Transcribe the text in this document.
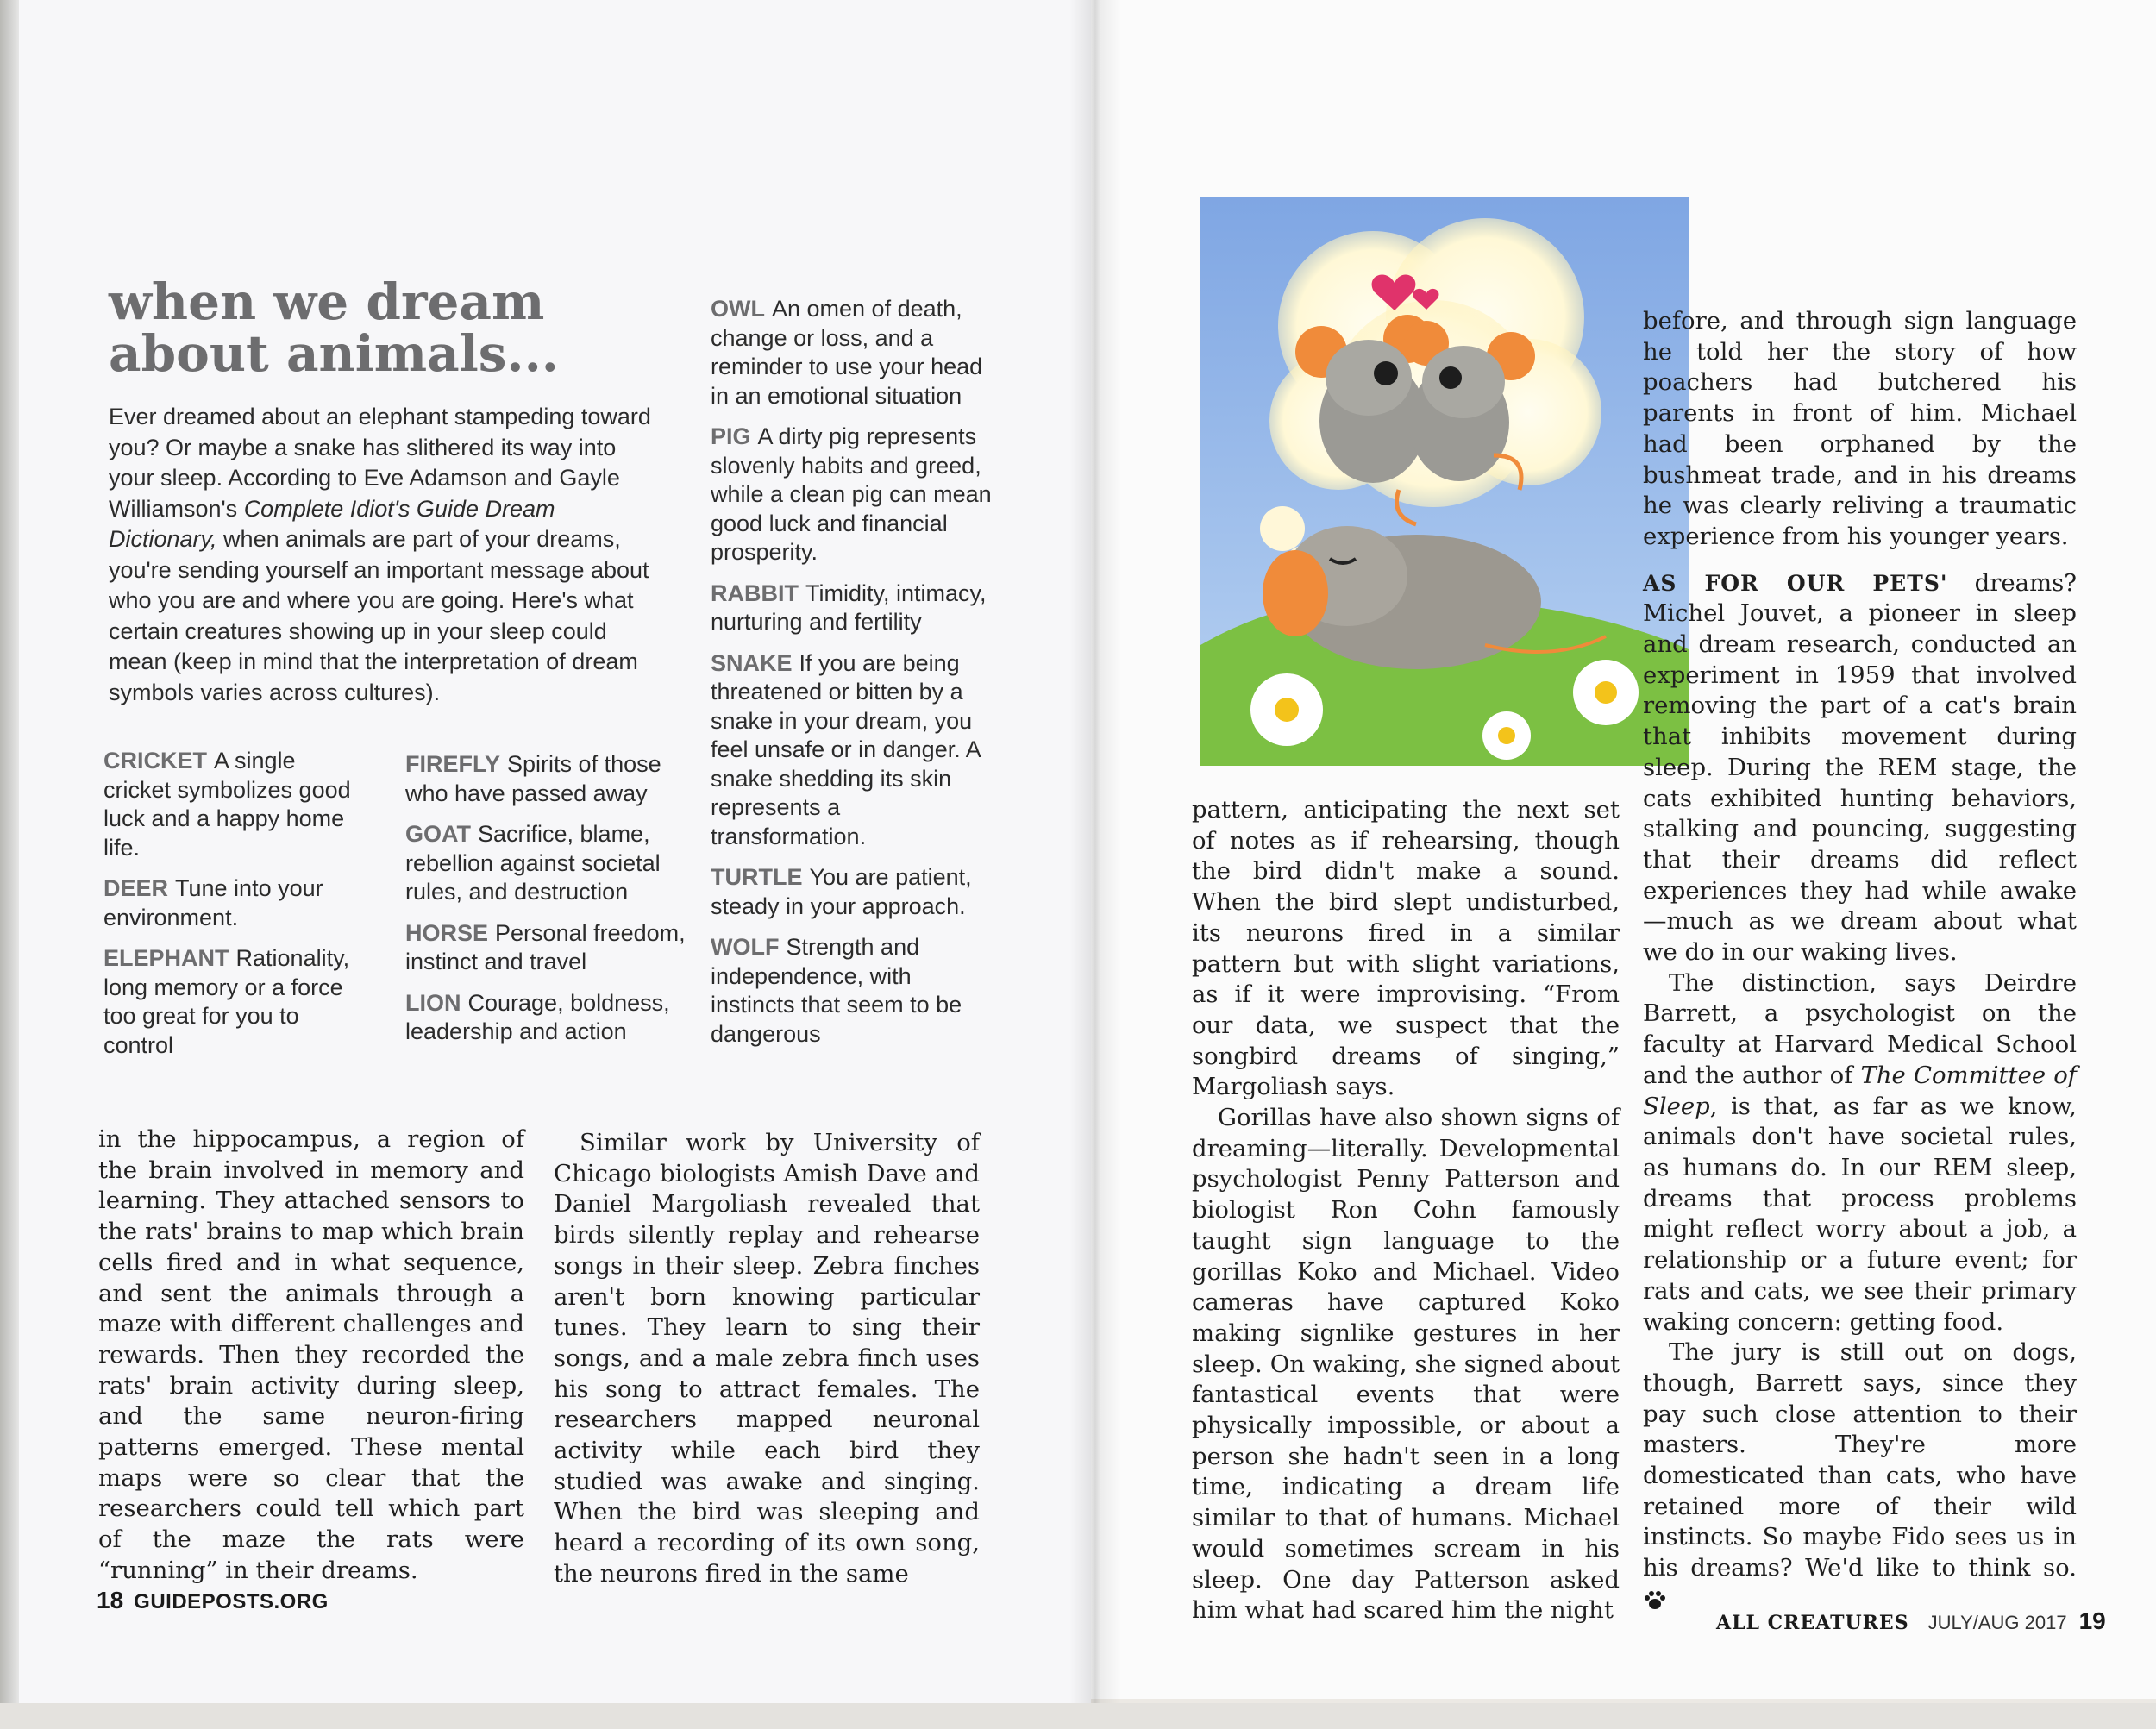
when we dream about animals...

Ever dreamed about an elephant stampeding toward you? Or maybe a snake has slithered its way into your sleep. According to Eve Adamson and Gayle Williamson's Complete Idiot's Guide Dream Dictionary, when animals are part of your dreams, you're sending yourself an important message about who you are and where you are going. Here's what certain creatures showing up in your sleep could mean (keep in mind that the interpretation of dream symbols varies across cultures).

CRICKET A single cricket symbolizes good luck and a happy home life.

DEER Tune into your environment.

ELEPHANT Rationality, long memory or a force too great for you to control

FIREFLY Spirits of those who have passed away

GOAT Sacrifice, blame, rebellion against societal rules, and destruction

HORSE Personal freedom, instinct and travel

LION Courage, boldness, leadership and action

OWL An omen of death, change or loss, and a reminder to use your head in an emotional situation

PIG A dirty pig represents slovenly habits and greed, while a clean pig can mean good luck and financial prosperity.

RABBIT Timidity, intimacy, nurturing and fertility

SNAKE If you are being threatened or bitten by a snake in your dream, you feel unsafe or in danger. A snake shedding its skin represents a transformation.

TURTLE You are patient, steady in your approach.

WOLF Strength and independence, with instincts that seem to be dangerous

in the hippocampus, a region of the brain involved in memory and learning. They attached sensors to the rats' brains to map which brain cells fired and in what sequence, and sent the animals through a maze with different challenges and rewards. Then they recorded the rats' brain activity during sleep, and the same neuron-firing patterns emerged. These mental maps were so clear that the researchers could tell which part of the maze the rats were “running” in their dreams.

Similar work by University of Chicago biologists Amish Dave and Daniel Margoliash revealed that birds silently replay and rehearse songs in their sleep. Zebra finches aren't born knowing particular tunes. They learn to sing their songs, and a male zebra finch uses his song to attract females. The researchers mapped neuronal activity while each bird they studied was awake and singing. When the bird was sleeping and heard a recording of its own song, the neurons fired in the same

18 GUIDEPOSTS.ORG

pattern, anticipating the next set of notes as if rehearsing, though the bird didn't make a sound. When the bird slept undisturbed, its neurons fired in a similar pattern but with slight variations, as if it were improvising. “From our data, we suspect that the songbird dreams of singing,” Margoliash says.

Gorillas have also shown signs of dreaming—literally. Developmental psychologist Penny Patterson and biologist Ron Cohn famously taught sign language to the gorillas Koko and Michael. Video cameras have captured Koko making signlike gestures in her sleep. On waking, she signed about fantastical events that were physically impossible, or about a person she hadn't seen in a long time, indicating a dream life similar to that of humans. Michael would sometimes scream in his sleep. One day Patterson asked him what had scared him the night

before, and through sign language he told her the story of how poachers had butchered his parents in front of him. Michael had been orphaned by the bushmeat trade, and in his dreams he was clearly reliving a traumatic experience from his younger years.

AS FOR OUR PETS' dreams? Michel Jouvet, a pioneer in sleep and dream research, conducted an experiment in 1959 that involved removing the part of a cat's brain that inhibits movement during sleep. During the REM stage, the cats exhibited hunting behaviors, stalking and pouncing, suggesting that their dreams did reflect experiences they had while awake—much as we dream about what we do in our waking lives.

The distinction, says Deirdre Barrett, a psychologist on the faculty at Harvard Medical School and the author of The Committee of Sleep, is that, as far as we know, animals don't have societal rules, as humans do. In our REM sleep, dreams that process problems might reflect worry about a job, a relationship or a future event; for rats and cats, we see their primary waking concern: getting food.

The jury is still out on dogs, though, Barrett says, since they pay such close attention to their masters. They're more domesticated than cats, who have retained more of their wild instincts. So maybe Fido sees us in his dreams? We'd like to think so.

ALL CREATURES JULY/AUG 2017 19
